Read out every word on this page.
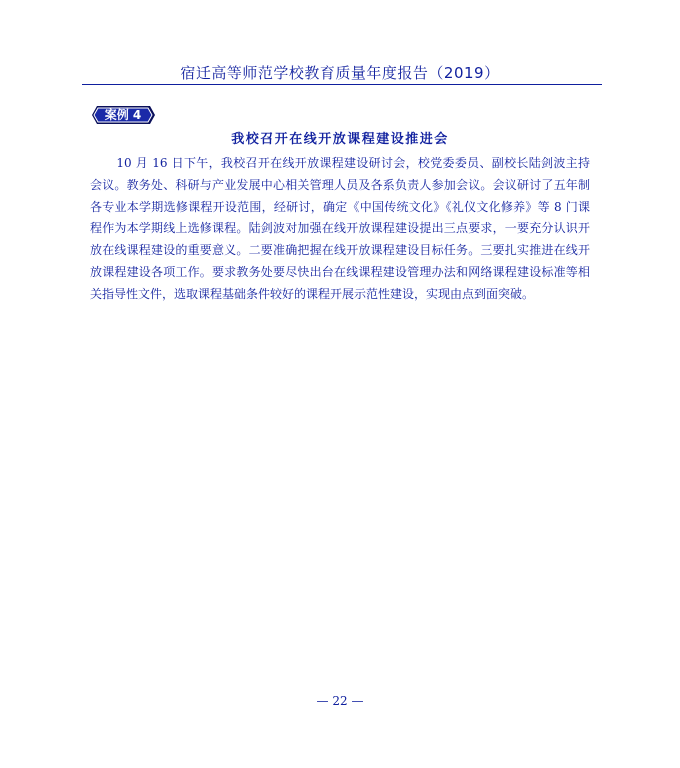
宿迁高等师范学校教育质量年度报告（2019）
案例 4
我校召开在线开放课程建设推进会

10 月 16 日下午，我校召开在线开放课程建设研讨会，校党委委员、副校长陆剑波主持会议。教务处、科研与产业发展中心相关管理人员及各系负责人参加会议。会议研讨了五年制各专业本学期选修课程开设范围，经研讨，确定《中国传统文化》《礼仪文化修养》等 8 门课程作为本学期线上选修课程。陆剑波对加强在线开放课程建设提出三点要求，一要充分认识开放在线课程建设的重要意义。二要准确把握在线开放课程建设目标任务。三要扎实推进在线开放课程建设各项工作。要求教务处要尽快出台在线课程建设管理办法和网络课程建设标准等相关指导性文件，选取课程基础条件较好的课程开展示范性建设，实现由点到面突破。

— 22 —
